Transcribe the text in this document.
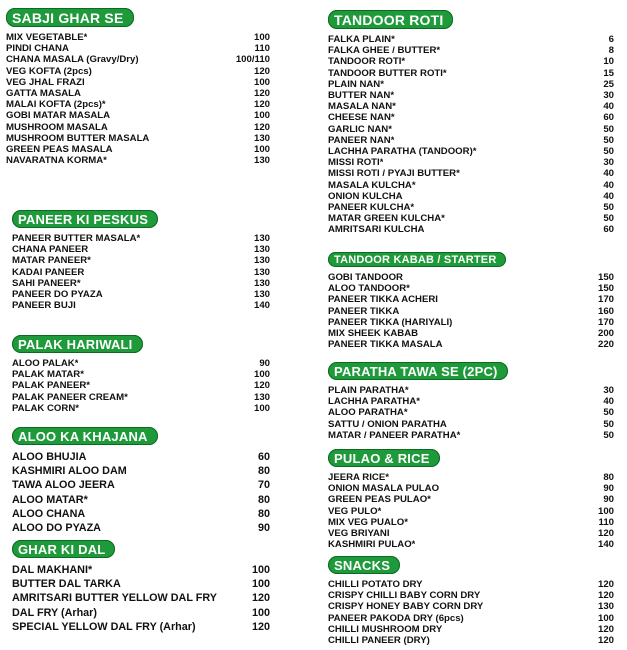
SABJI GHAR SE
MIX VEGETABLE*	100
PINDI CHANA	110
CHANA MASALA (Gravy/Dry)	100/110
VEG KOFTA (2pcs)	120
VEG JHAL FRAZI	100
GATTA MASALA	120
MALAI KOFTA (2pcs)*	120
GOBI MATAR MASALA	100
MUSHROOM MASALA	120
MUSHROOM BUTTER MASALA	130
GREEN PEAS MASALA	100
NAVARATNA KORMA*	130
PANEER KI PESKUS
PANEER BUTTER MASALA*	130
CHANA PANEER	130
MATAR PANEER*	130
KADAI PANEER	130
SAHI PANEER*	130
PANEER DO PYAZA	130
PANEER BUJI	140
PALAK HARIWALI
ALOO PALAK*	90
PALAK MATAR*	100
PALAK PANEER*	120
PALAK PANEER CREAM*	130
PALAK CORN*	100
ALOO KA KHAJANA
ALOO BHUJIA	60
KASHMIRI ALOO DAM	80
TAWA ALOO JEERA	70
ALOO MATAR*	80
ALOO CHANA	80
ALOO DO PYAZA	90
GHAR KI DAL
DAL MAKHANI*	100
BUTTER DAL TARKA	100
AMRITSARI BUTTER YELLOW DAL FRY	120
DAL FRY (Arhar)	100
SPECIAL YELLOW DAL FRY (Arhar)	120
TANDOOR ROTI
FALKA PLAIN*	6
FALKA GHEE / BUTTER*	8
TANDOOR ROTI*	10
TANDOOR BUTTER ROTI*	15
PLAIN NAN*	25
BUTTER NAN*	30
MASALA NAN*	40
CHEESE NAN*	60
GARLIC NAN*	50
PANEER NAN*	50
LACHHA PARATHA (TANDOOR)*	50
MISSI ROTI*	30
MISSI ROTI / PYAJI BUTTER*	40
MASALA KULCHA*	40
ONION KULCHA	40
PANEER KULCHA*	50
MATAR GREEN KULCHA*	50
AMRITSARI KULCHA	60
TANDOOR KABAB / STARTER
GOBI TANDOOR	150
ALOO TANDOOR*	150
PANEER TIKKA ACHERI	170
PANEER TIKKA	160
PANEER TIKKA (HARIYALI)	170
MIX SHEEK KABAB	200
PANEER TIKKA MASALA	220
PARATHA TAWA SE (2PC)
PLAIN PARATHA*	30
LACHHA PARATHA*	40
ALOO PARATHA*	50
SATTU / ONION PARATHA	50
MATAR / PANEER PARATHA*	50
PULAO & RICE
JEERA RICE*	80
ONION MASALA PULAO	90
GREEN PEAS PULAO*	90
VEG PULO*	100
MIX VEG PUALO*	110
VEG BRIYANI	120
KASHMIRI PULAO*	140
SNACKS
CHILLI POTATO DRY	120
CRISPY CHILLI BABY CORN DRY	120
CRISPY HONEY BABY CORN DRY	130
PANEER PAKODA DRY (6pcs)	100
CHILLI MUSHROOM DRY	120
CHILLI PANEER (DRY)	120
